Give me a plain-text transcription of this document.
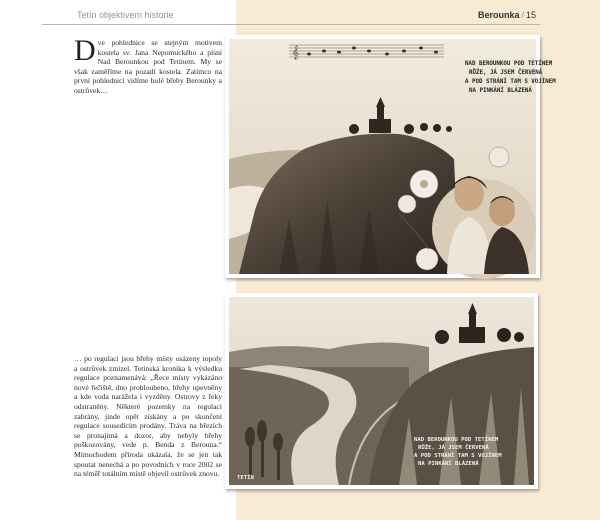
Tetín objektivem historie	Berounka / 15

Dve pohlednice se stejným motivem kostela sv. Jana Nepomuckého a písní Nad Berounkou pod Tetínem. My se však zaměříme na pozadí kostela. Zatímco na první pohlednici vidíme holé břehy Berounky a ostrůvek…

… po regulaci jsou břehy místy osázeny topoly a ostrůvek zmizel. Tetínská kronika k výsledku regulace poznamenává: „Řece místy vykázáno nové řečiště, dno prohloubeno, břehy upevněny a kde voda narážela i vyzděny. Ostrovy z řeky odstraněny. Některé pozemky na regulaci zabrány, jinde opět získány a po skončení regulace sousedícím prodány. Tráva na březích se pronajímá a dozor, aby nebyly břehy poškozovány, vede p. Benda z Berouna.“ Mimochodem příroda ukázala, že se jen tak spoutat nenechá a po povodních v roce 2002 se na téměř totálním místě objevil ostrůvek znovu.

𝄞
NAD BEROUNKOU POD TETÍNEM
RŮŽE, JÁ JSEM ČERVENÁ
A POD STRÁNÍ TAM S VOJÍNEM
NA PINKÁNÍ BLÁZENÁ
NAD BEROUNKOU POD TETÍNEM
RŮŽE, JÁ JSEM ČERVENÁ
A POD STRÁNÍ TAM S VOJÍNEM
NA PINKÁNÍ BLÁZENÁ
TETÍN
